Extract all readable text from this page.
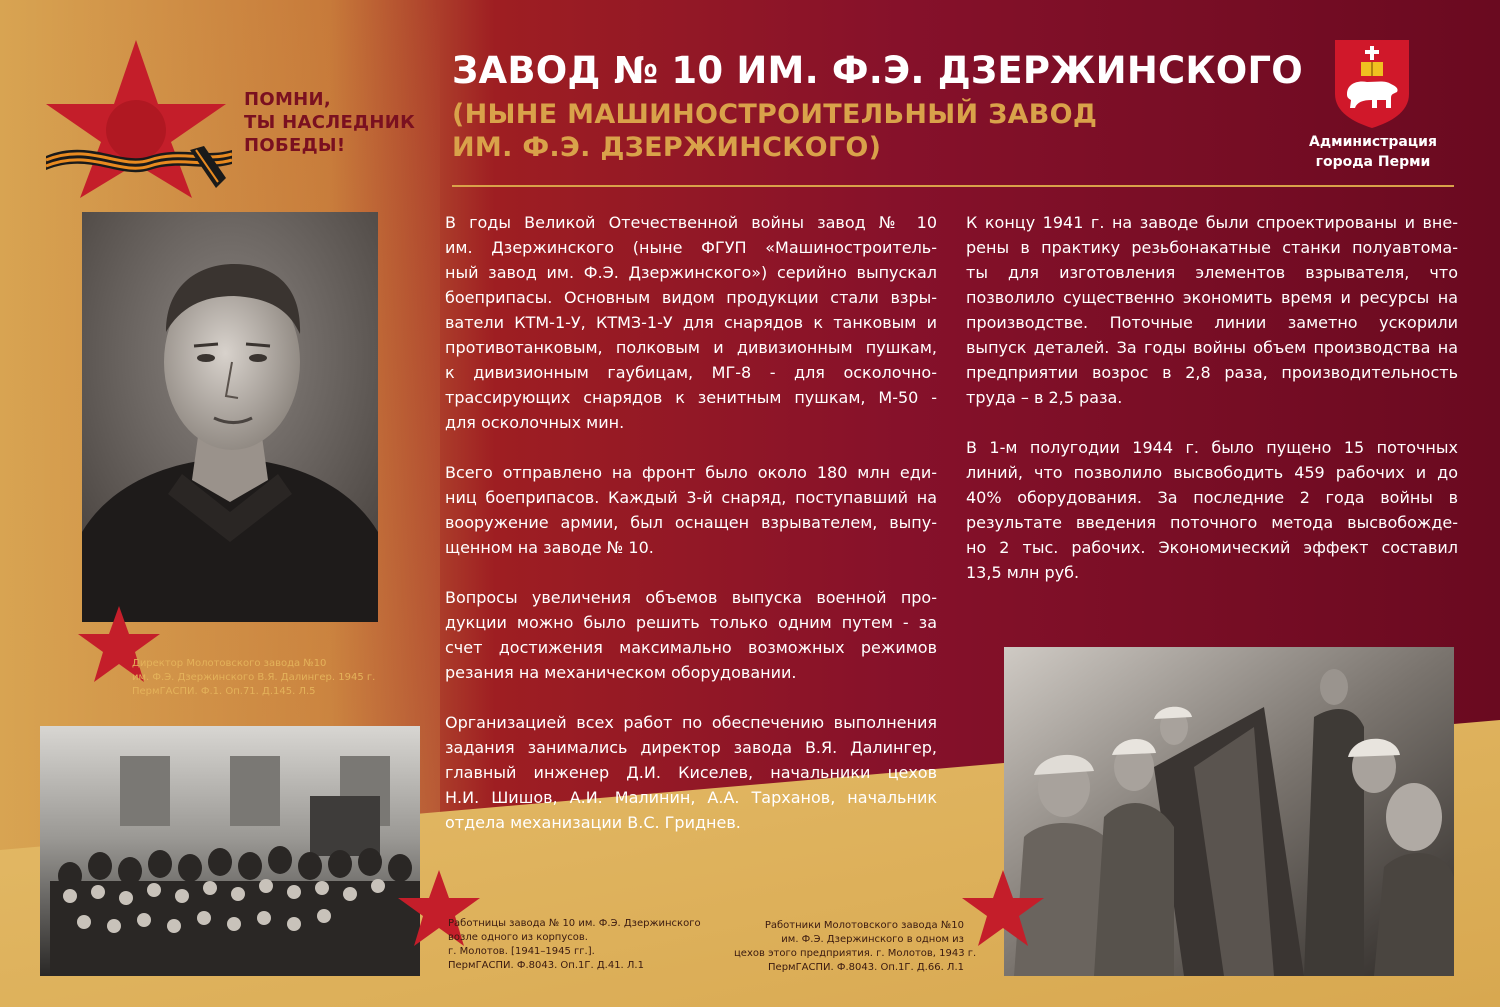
ПОМНИ,
ТЫ НАСЛЕДНИК
ПОБЕДЫ!
ЗАВОД № 10 ИМ. Ф.Э. ДЗЕРЖИНСКОГО
(НЫНЕ МАШИНОСТРОИТЕЛЬНЫЙ ЗАВОД
ИМ. Ф.Э. ДЗЕРЖИНСКОГО)	Администрация
города Перми
Директор Молотовского завода №10
им. Ф.Э. Дзержинского В.Я. Далингер. 1945 г.
ПермГАСПИ. Ф.1. Оп.71. Д.145. Л.5
Работницы завода № 10 им. Ф.Э. Дзержинского
возле одного из корпусов.
г. Молотов. [1941–1945 гг.].
ПермГАСПИ. Ф.8043. Оп.1Г. Д.41. Л.1
Работники Молотовского завода №10
им. Ф.Э. Дзержинского в одном из
цехов этого предприятия. г. Молотов, 1943 г.
ПермГАСПИ. Ф.8043. Оп.1Г. Д.66. Л.1
В годы Великой Отечественной войны завод № 10
им. Дзержинского (ныне ФГУП «Машиностроитель-
ный завод им. Ф.Э. Дзержинского») серийно выпускал
боеприпасы. Основным видом продукции стали взры-
ватели КТМ-1-У, КТМЗ-1-У для снарядов к танковым и
противотанковым, полковым и дивизионным пушкам,
к дивизионным гаубицам, МГ-8 - для осколочно-
трассирующих снарядов к зенитным пушкам, М-50 -
для осколочных мин.
Всего отправлено на фронт было около 180 млн еди-
ниц боеприпасов. Каждый 3-й снаряд, поступавший на
вооружение армии, был оснащен взрывателем, выпу-
щенном на заводе № 10.
Вопросы увеличения объемов выпуска военной про-
дукции можно было решить только одним путем - за
счет достижения максимально возможных режимов
резания на механическом оборудовании.
Организацией всех работ по обеспечению выполнения
задания занимались директор завода В.Я. Далингер,
главный инженер Д.И. Киселев, начальники цехов
Н.И. Шишов, А.И. Малинин, А.А. Тарханов, начальник
отдела механизации В.С. Гриднев.
К концу 1941 г. на заводе были спроектированы и вне-
рены в практику резьбонакатные станки полуавтома-
ты для изготовления элементов взрывателя, что
позволило существенно экономить время и ресурсы на
производстве. Поточные линии заметно ускорили
выпуск деталей. За годы войны объем производства на
предприятии возрос в 2,8 раза, производительность
труда – в 2,5 раза.
В 1-м полугодии 1944 г. было пущено 15 поточных
линий, что позволило высвободить 459 рабочих и до
40% оборудования. За последние 2 года войны в
результате введения поточного метода высвобожде-
но 2 тыс. рабочих. Экономический эффект составил
13,5 млн руб.
